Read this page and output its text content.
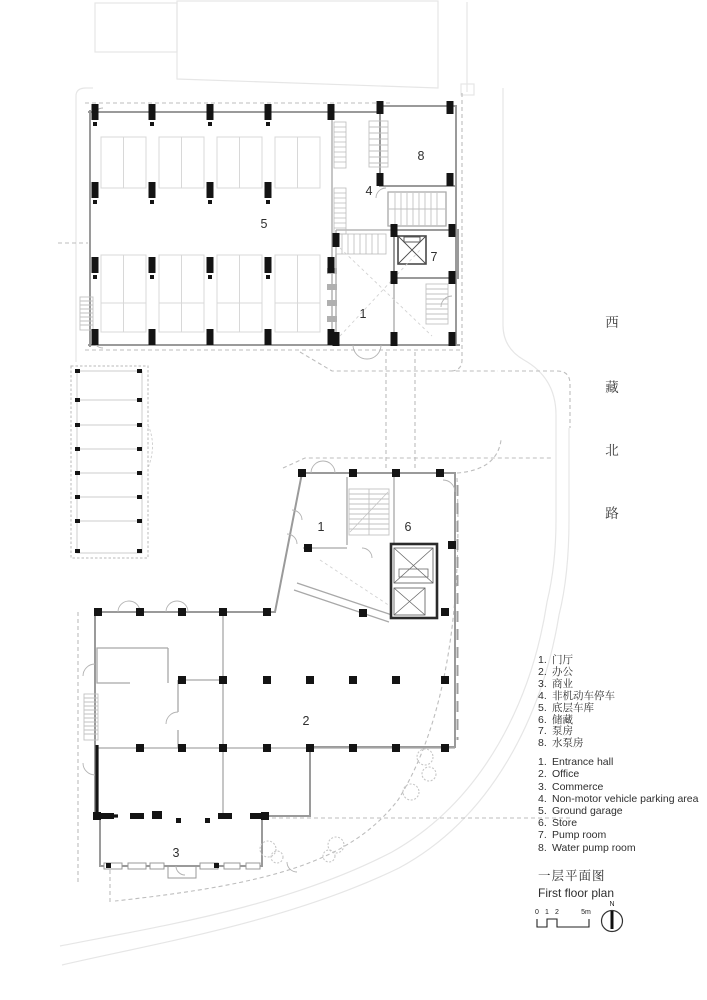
5
4
8
7
1
1	6
2
3
西
藏
北
路
0 1 2	5m
N
1. 门厅
2. 办公
3. 商业
4. 非机动车停车
5. 底层车库
6. 储藏
7. 泵房
8. 水泵房
1. Entrance hall
2. Office
3. Commerce
4. Non-motor vehicle parking area
5. Ground garage
6. Store
7. Pump room
8. Water pump room
一层平面图
First floor plan
